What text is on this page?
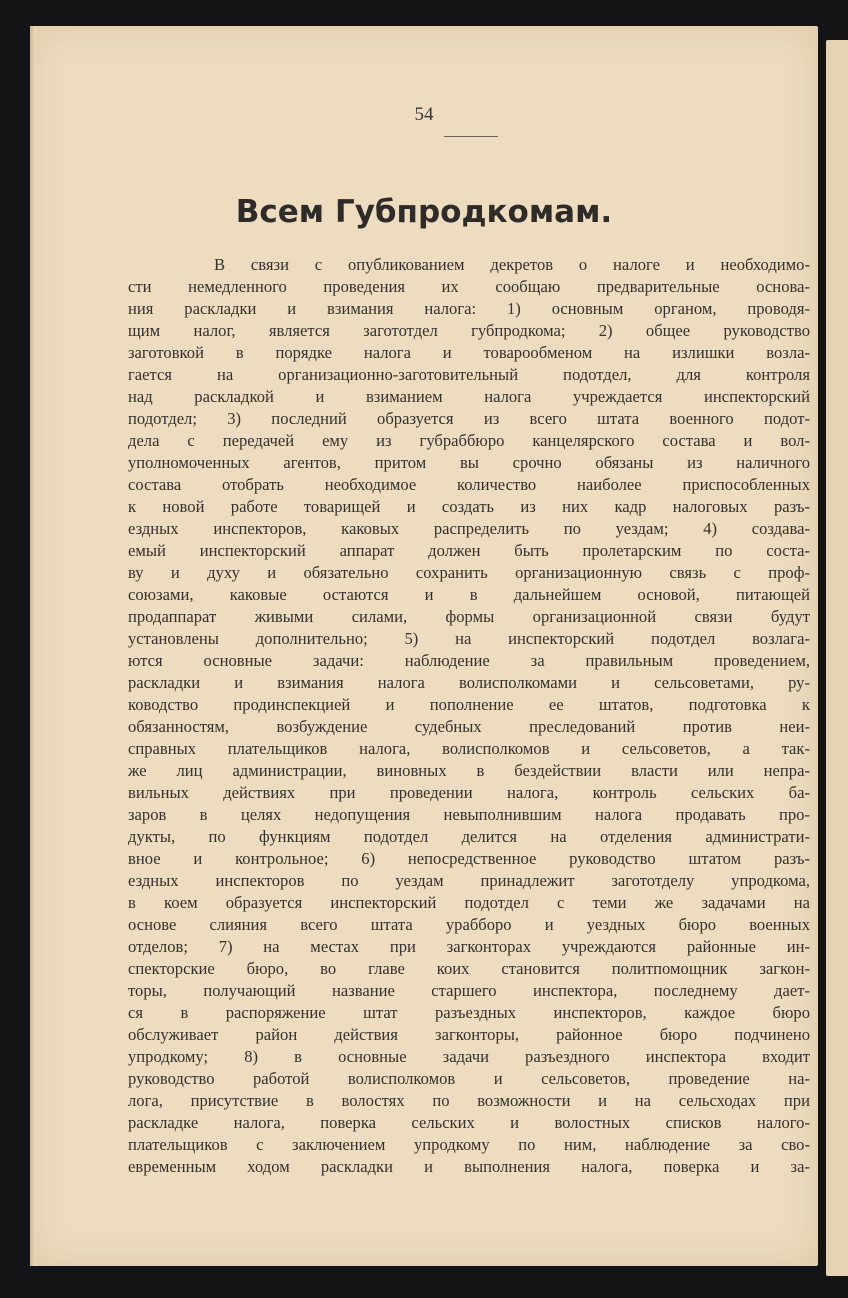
54
Всем Губпродкомам.
В связи с опубликованием декретов о налоге и необходимо-
сти немедленного проведения их сообщаю предварительные основа-
ния раскладки и взимания налога: 1) основным органом, проводя-
щим налог, является загототдел губпродкома; 2) общее руководство
заготовкой в порядке налога и товарообменом на излишки возла-
гается на организационно-заготовительный подотдел, для контроля
над раскладкой и взиманием налога учреждается инспекторский
подотдел; 3) последний образуется из всего штата военного подот-
дела с передачей ему из губраббюро канцелярского состава и вол-
уполномоченных агентов, притом вы срочно обязаны из наличного
состава отобрать необходимое количество наиболее приспособленных
к новой работе товарищей и создать из них кадр налоговых разъ-
ездных инспекторов, каковых распределить по уездам; 4) создава-
емый инспекторский аппарат должен быть пролетарским по соста-
ву и духу и обязательно сохранить организационную связь с проф-
союзами, каковые остаются и в дальнейшем основой, питающей
продаппарат живыми силами, формы организационной связи будут
установлены дополнительно; 5) на инспекторский подотдел возлага-
ются основные задачи: наблюдение за правильным проведением,
раскладки и взимания налога волисполкомами и сельсоветами, ру-
ководство продинспекцией и пополнение ее штатов, подготовка к
обязанностям, возбуждение судебных преследований против неи-
справных плательщиков налога, волисполкомов и сельсоветов, а так-
же лиц администрации, виновных в бездействии власти или непра-
вильных действиях при проведении налога, контроль сельских ба-
заров в целях недопущения невыполнившим налога продавать про-
дукты, по функциям подотдел делится на отделения администрати-
вное и контрольное; 6) непосредственное руководство штатом разъ-
ездных инспекторов по уездам принадлежит загототделу упродкома,
в коем образуется инспекторский подотдел с теми же задачами на
основе слияния всего штата урабборо и уездных бюро военных
отделов; 7) на местах при загконторах учреждаются районные ин-
спекторские бюро, во главе коих становится политпомощник загкон-
торы, получающий название старшего инспектора, последнему дает-
ся в распоряжение штат разъездных инспекторов, каждое бюро
обслуживает район действия загконторы, районное бюро подчинено
упродкому; 8) в основные задачи разъездного инспектора входит
руководство работой волисполкомов и сельсоветов, проведение на-
лога, присутствие в волостях по возможности и на сельсходах при
раскладке налога, поверка сельских и волостных списков налого-
плательщиков с заключением упродкому по ним, наблюдение за сво-
евременным ходом раскладки и выполнения налога, поверка и за-
